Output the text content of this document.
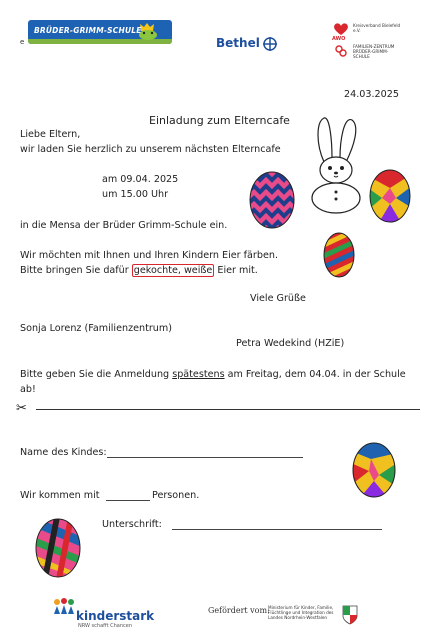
e
BRÜDER-GRIMM-SCHULE
Bethel	AWO
Kreisverband Bielefeld e.V.
FAMILIEN-ZENTRUM BRÜDER-GRIMM-SCHULE
24.03.2025
Einladung zum Elterncafe
Liebe Eltern,
wir laden Sie herzlich zu unserem nächsten Elterncafe
am 09.04. 2025
um 15.00 Uhr
in die Mensa der Brüder Grimm-Schule ein.
Wir möchten mit Ihnen und Ihren Kindern Eier färben.
Bitte bringen Sie dafür gekochte, weiße Eier mit.
Viele Grüße
Sonja Lorenz (Familienzentrum)
Petra Wedekind (HZiE)
Bitte geben Sie die Anmeldung spätestens am Freitag, dem 04.04. in der Schule
ab!
✂
Name des Kindes:
Wir kommen mit	Personen.
Unterschrift:
kinderstark
NRW schafft Chancen
Gefördert vom:
Ministerium für Kinder, Familie, Flüchtlinge und Integration des Landes Nordrhein-Westfalen
